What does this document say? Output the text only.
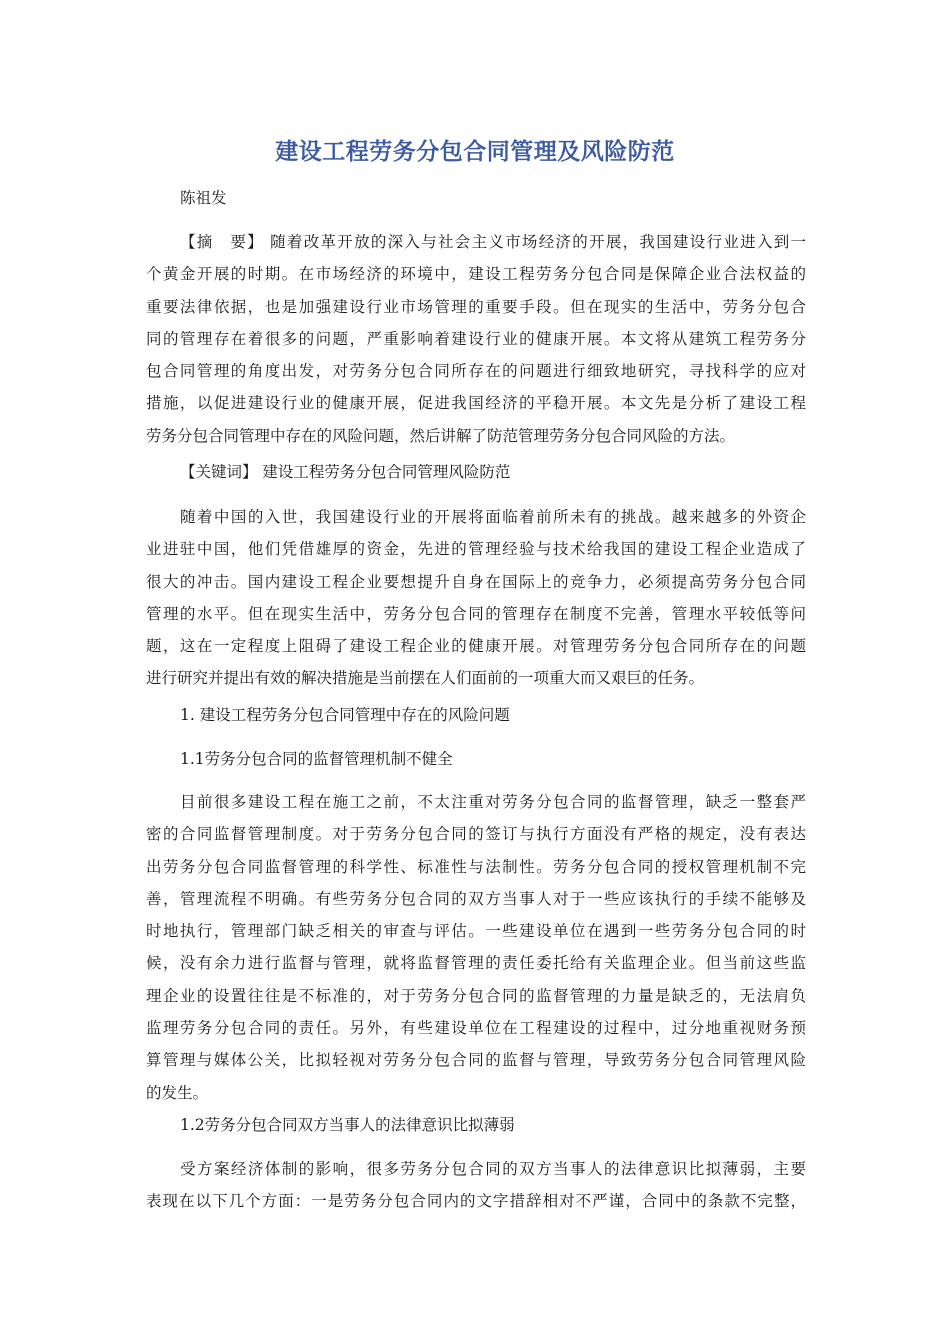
建设工程劳务分包合同管理及风险防范

陈祖发

【摘　要】 随着改革开放的深入与社会主义市场经济的开展，我国建设行业进入到一
个黄金开展的时期。在市场经济的环境中，建设工程劳务分包合同是保障企业合法权益的
重要法律依据，也是加强建设行业市场管理的重要手段。但在现实的生活中，劳务分包合
同的管理存在着很多的问题，严重影响着建设行业的健康开展。本文将从建筑工程劳务分
包合同管理的角度出发，对劳务分包合同所存在的问题进行细致地研究，寻找科学的应对
措施，以促进建设行业的健康开展，促进我国经济的平稳开展。本文先是分析了建设工程
劳务分包合同管理中存在的风险问题，然后讲解了防范管理劳务分包合同风险的方法。

【关键词】 建设工程劳务分包合同管理风险防范

随着中国的入世，我国建设行业的开展将面临着前所未有的挑战。越来越多的外资企
业进驻中国，他们凭借雄厚的资金，先进的管理经验与技术给我国的建设工程企业造成了
很大的冲击。国内建设工程企业要想提升自身在国际上的竞争力，必须提高劳务分包合同
管理的水平。但在现实生活中，劳务分包合同的管理存在制度不完善，管理水平较低等问
题，这在一定程度上阻碍了建设工程企业的健康开展。对管理劳务分包合同所存在的问题
进行研究并提出有效的解决措施是当前摆在人们面前的一项重大而又艰巨的任务。

1. 建设工程劳务分包合同管理中存在的风险问题

1.1劳务分包合同的监督管理机制不健全

目前很多建设工程在施工之前，不太注重对劳务分包合同的监督管理，缺乏一整套严
密的合同监督管理制度。对于劳务分包合同的签订与执行方面没有严格的规定，没有表达
出劳务分包合同监督管理的科学性、标准性与法制性。劳务分包合同的授权管理机制不完
善，管理流程不明确。有些劳务分包合同的双方当事人对于一些应该执行的手续不能够及
时地执行，管理部门缺乏相关的审查与评估。一些建设单位在遇到一些劳务分包合同的时
候，没有余力进行监督与管理，就将监督管理的责任委托给有关监理企业。但当前这些监
理企业的设置往往是不标准的，对于劳务分包合同的监督管理的力量是缺乏的，无法肩负
监理劳务分包合同的责任。另外，有些建设单位在工程建设的过程中，过分地重视财务预
算管理与媒体公关，比拟轻视对劳务分包合同的监督与管理，导致劳务分包合同管理风险
的发生。

1.2劳务分包合同双方当事人的法律意识比拟薄弱

受方案经济体制的影响，很多劳务分包合同的双方当事人的法律意识比拟薄弱，主要
表现在以下几个方面：一是劳务分包合同内的文字措辞相对不严谨，合同中的条款不完整，
